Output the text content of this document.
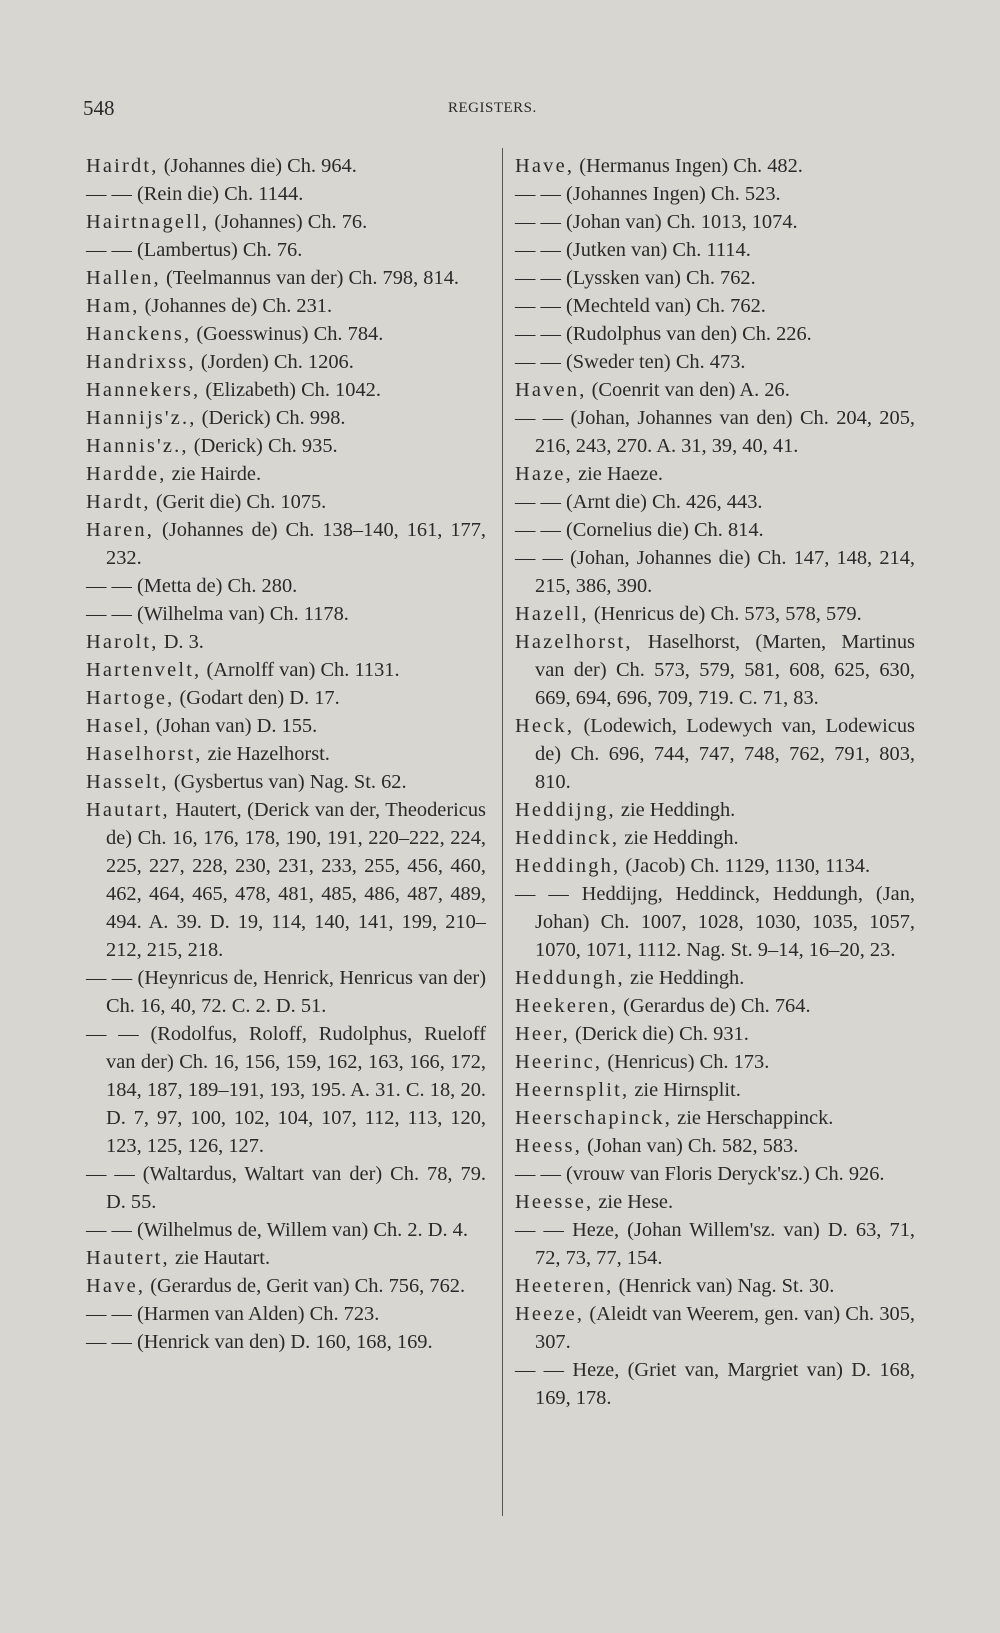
548	REGISTERS.
Hairdt, (Johannes die) Ch. 964.
— — (Rein die) Ch. 1144.
Hairtnagell, (Johannes) Ch. 76.
— — (Lambertus) Ch. 76.
Hallen, (Teelmannus van der) Ch. 798, 814.
Ham, (Johannes de) Ch. 231.
Hanckens, (Goesswinus) Ch. 784.
Handrixss, (Jorden) Ch. 1206.
Hannekers, (Elizabeth) Ch. 1042.
Hannijs'z., (Derick) Ch. 998.
Hannis'z., (Derick) Ch. 935.
Hardde, zie Hairde.
Hardt, (Gerit die) Ch. 1075.
Haren, (Johannes de) Ch. 138–140, 161, 177, 232.
— — (Metta de) Ch. 280.
— — (Wilhelma van) Ch. 1178.
Harolt, D. 3.
Hartenvelt, (Arnolff van) Ch. 1131.
Hartoge, (Godart den) D. 17.
Hasel, (Johan van) D. 155.
Haselhorst, zie Hazelhorst.
Hasselt, (Gysbertus van) Nag. St. 62.
Hautart, Hautert, (Derick van der, Theodericus de) Ch. 16, 176, 178, 190, 191, 220–222, 224, 225, 227, 228, 230, 231, 233, 255, 456, 460, 462, 464, 465, 478, 481, 485, 486, 487, 489, 494. A. 39. D. 19, 114, 140, 141, 199, 210–212, 215, 218.
— — (Heynricus de, Henrick, Henricus van der) Ch. 16, 40, 72. C. 2. D. 51.
— — (Rodolfus, Roloff, Rudolphus, Rueloff van der) Ch. 16, 156, 159, 162, 163, 166, 172, 184, 187, 189–191, 193, 195. A. 31. C. 18, 20. D. 7, 97, 100, 102, 104, 107, 112, 113, 120, 123, 125, 126, 127.
— — (Waltardus, Waltart van der) Ch. 78, 79. D. 55.
— — (Wilhelmus de, Willem van) Ch. 2. D. 4.
Hautert, zie Hautart.
Have, (Gerardus de, Gerit van) Ch. 756, 762.
— — (Harmen van Alden) Ch. 723.
— — (Henrick van den) D. 160, 168, 169.
Have, (Hermanus Ingen) Ch. 482.
— — (Johannes Ingen) Ch. 523.
— — (Johan van) Ch. 1013, 1074.
— — (Jutken van) Ch. 1114.
— — (Lyssken van) Ch. 762.
— — (Mechteld van) Ch. 762.
— — (Rudolphus van den) Ch. 226.
— — (Sweder ten) Ch. 473.
Haven, (Coenrit van den) A. 26.
— — (Johan, Johannes van den) Ch. 204, 205, 216, 243, 270. A. 31, 39, 40, 41.
Haze, zie Haeze.
— — (Arnt die) Ch. 426, 443.
— — (Cornelius die) Ch. 814.
— — (Johan, Johannes die) Ch. 147, 148, 214, 215, 386, 390.
Hazell, (Henricus de) Ch. 573, 578, 579.
Hazelhorst, Haselhorst, (Marten, Martinus van der) Ch. 573, 579, 581, 608, 625, 630, 669, 694, 696, 709, 719. C. 71, 83.
Heck, (Lodewich, Lodewych van, Lodewicus de) Ch. 696, 744, 747, 748, 762, 791, 803, 810.
Heddijng, zie Heddingh.
Heddinck, zie Heddingh.
Heddingh, (Jacob) Ch. 1129, 1130, 1134.
— — Heddijng, Heddinck, Heddungh, (Jan, Johan) Ch. 1007, 1028, 1030, 1035, 1057, 1070, 1071, 1112. Nag. St. 9–14, 16–20, 23.
Heddungh, zie Heddingh.
Heekeren, (Gerardus de) Ch. 764.
Heer, (Derick die) Ch. 931.
Heerinc, (Henricus) Ch. 173.
Heernsplit, zie Hirnsplit.
Heerschapinck, zie Herschappinck.
Heess, (Johan van) Ch. 582, 583.
— — (vrouw van Floris Deryck'sz.) Ch. 926.
Heesse, zie Hese.
— — Heze, (Johan Willem'sz. van) D. 63, 71, 72, 73, 77, 154.
Heeteren, (Henrick van) Nag. St. 30.
Heeze, (Aleidt van Weerem, gen. van) Ch. 305, 307.
— — Heze, (Griet van, Margriet van) D. 168, 169, 178.
